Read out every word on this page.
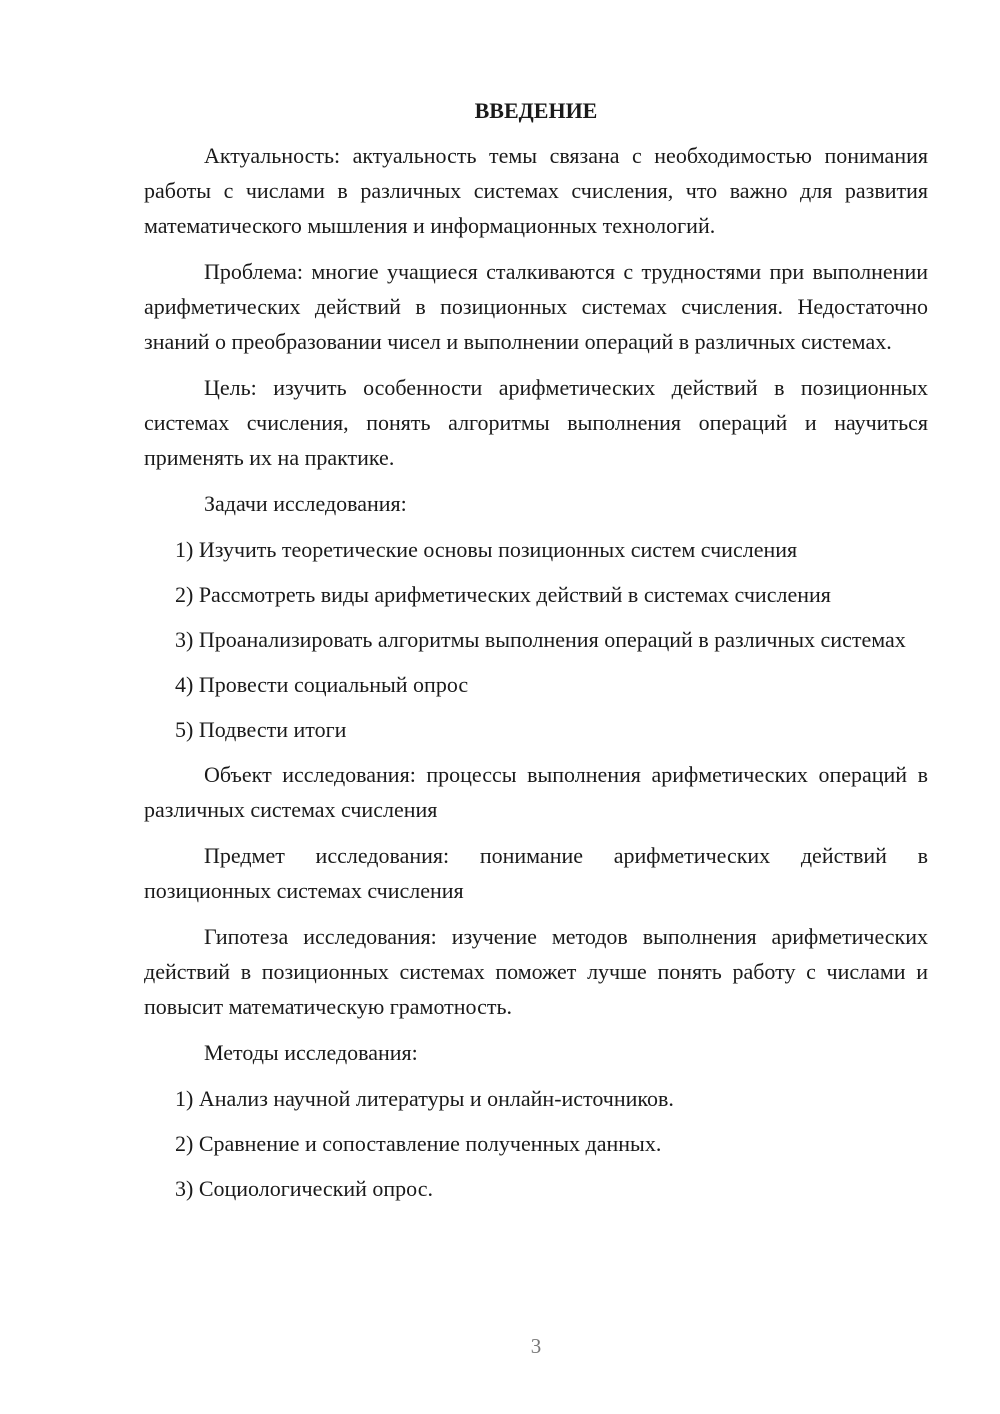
ВВЕДЕНИЕ

Актуальность: актуальность темы связана с необходимостью понимания работы с числами в различных системах счисления, что важно для развития математического мышления и информационных технологий.

Проблема: многие учащиеся сталкиваются с трудностями при выполнении арифметических действий в позиционных системах счисления. Недостаточно знаний о преобразовании чисел и выполнении операций в различных системах.

Цель: изучить особенности арифметических действий в позиционных системах счисления, понять алгоритмы выполнения операций и научиться применять их на практике.

Задачи исследования:

1) Изучить теоретические основы позиционных систем счисления

2) Рассмотреть виды арифметических действий в системах счисления

3) Проанализировать алгоритмы выполнения операций в различных системах

4) Провести социальный опрос

5) Подвести итоги

Объект исследования: процессы выполнения арифметических операций в различных системах счисления

Предмет исследования: понимание арифметических действий в позиционных системах счисления

Гипотеза исследования: изучение методов выполнения арифметических действий в позиционных системах поможет лучше понять работу с числами и повысит математическую грамотность.

Методы исследования:

1) Анализ научной литературы и онлайн-источников.

2) Сравнение и сопоставление полученных данных.

3) Социологический опрос.

3
